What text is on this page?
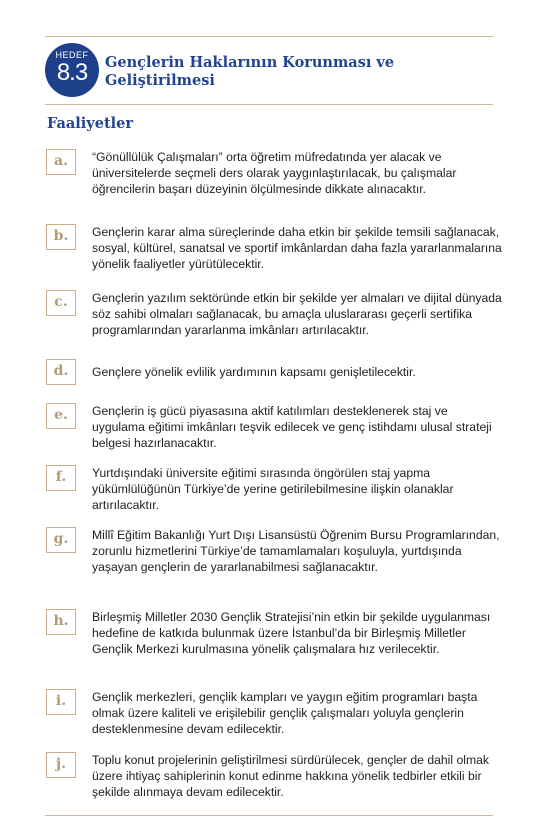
HEDEF
8.3	Gençlerin Haklarının Korunması ve Geliştirilmesi
Faaliyetler
a.	“Gönüllülük Çalışmaları” orta öğretim müfredatında yer alacak ve üniversitelerde seçmeli ders olarak yaygınlaştırılacak, bu çalışmalar öğrencilerin başarı düzeyinin ölçülmesinde dikkate alınacaktır.
b.	Gençlerin karar alma süreçlerinde daha etkin bir şekilde temsili sağlanacak, sosyal, kültürel, sanatsal ve sportif imkânlardan daha fazla yararlanmalarına yönelik faaliyetler yürütülecektir.
c.	Gençlerin yazılım sektöründe etkin bir şekilde yer almaları ve dijital dünyada söz sahibi olmaları sağlanacak, bu amaçla uluslararası geçerli sertifika programlarından yararlanma imkânları artırılacaktır.
d.	Gençlere yönelik evlilik yardımının kapsamı genişletilecektir.
e.	Gençlerin iş gücü piyasasına aktif katılımları desteklenerek staj ve uygulama eğitimi imkânları teşvik edilecek ve genç istihdamı ulusal strateji belgesi hazırlanacaktır.
f.	Yurtdışındaki üniversite eğitimi sırasında öngörülen staj yapma yükümlülüğünün Türkiye’de yerine getirilebilmesine ilişkin olanaklar artırılacaktır.
g.	Millî Eğitim Bakanlığı Yurt Dışı Lisansüstü Öğrenim Bursu Programlarından, zorunlu hizmetlerini Türkiye’de tamamlamaları koşuluyla, yurtdışında yaşayan gençlerin de yararlanabilmesi sağlanacaktır.
h.	Birleşmiş Milletler 2030 Gençlik Stratejisi’nin etkin bir şekilde uygulanması hedefine de katkıda bulunmak üzere İstanbul’da bir Birleşmiş Milletler Gençlik Merkezi kurulmasına yönelik çalışmalara hız verilecektir.
i.	Gençlik merkezleri, gençlik kampları ve yaygın eğitim programları başta olmak üzere kaliteli ve erişilebilir gençlik çalışmaları yoluyla gençlerin desteklenmesine devam edilecektir.
j.	Toplu konut projelerinin geliştirilmesi sürdürülecek, gençler de dahil olmak üzere ihtiyaç sahiplerinin konut edinme hakkına yönelik tedbirler etkili bir şekilde alınmaya devam edilecektir.
